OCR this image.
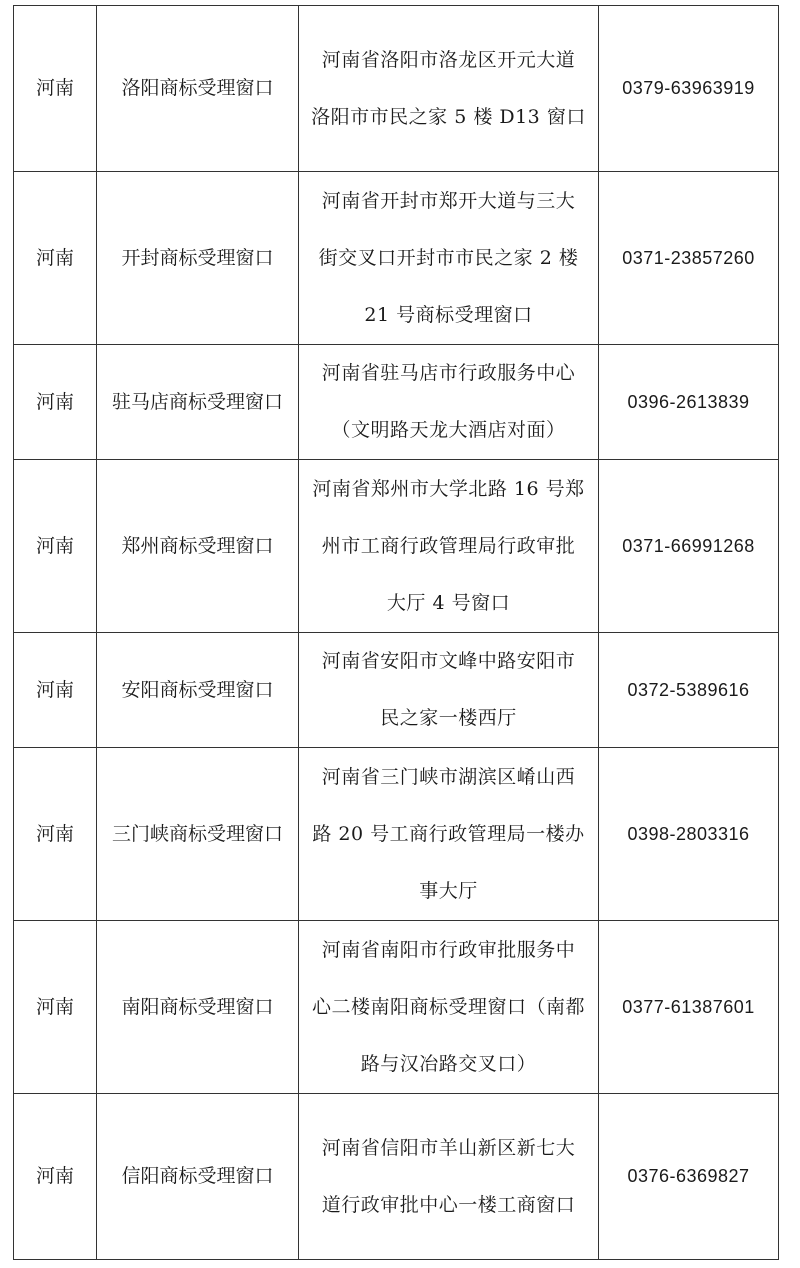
河南	洛阳商标受理窗口	河南省洛阳市洛龙区开元大道
洛阳市市民之家 5 楼 D13 窗口	0379-63963919
河南	开封商标受理窗口	河南省开封市郑开大道与三大
街交叉口开封市市民之家 2 楼
21 号商标受理窗口	0371-23857260
河南	驻马店商标受理窗口	河南省驻马店市行政服务中心
（文明路天龙大酒店对面）	0396-2613839
河南	郑州商标受理窗口	河南省郑州市大学北路 16 号郑
州市工商行政管理局行政审批
大厅 4 号窗口	0371-66991268
河南	安阳商标受理窗口	河南省安阳市文峰中路安阳市
民之家一楼西厅	0372-5389616
河南	三门峡商标受理窗口	河南省三门峡市湖滨区崤山西
路 20 号工商行政管理局一楼办
事大厅	0398-2803316
河南	南阳商标受理窗口	河南省南阳市行政审批服务中
心二楼南阳商标受理窗口（南都
路与汉冶路交叉口）	0377-61387601
河南	信阳商标受理窗口	河南省信阳市羊山新区新七大
道行政审批中心一楼工商窗口	0376-6369827
